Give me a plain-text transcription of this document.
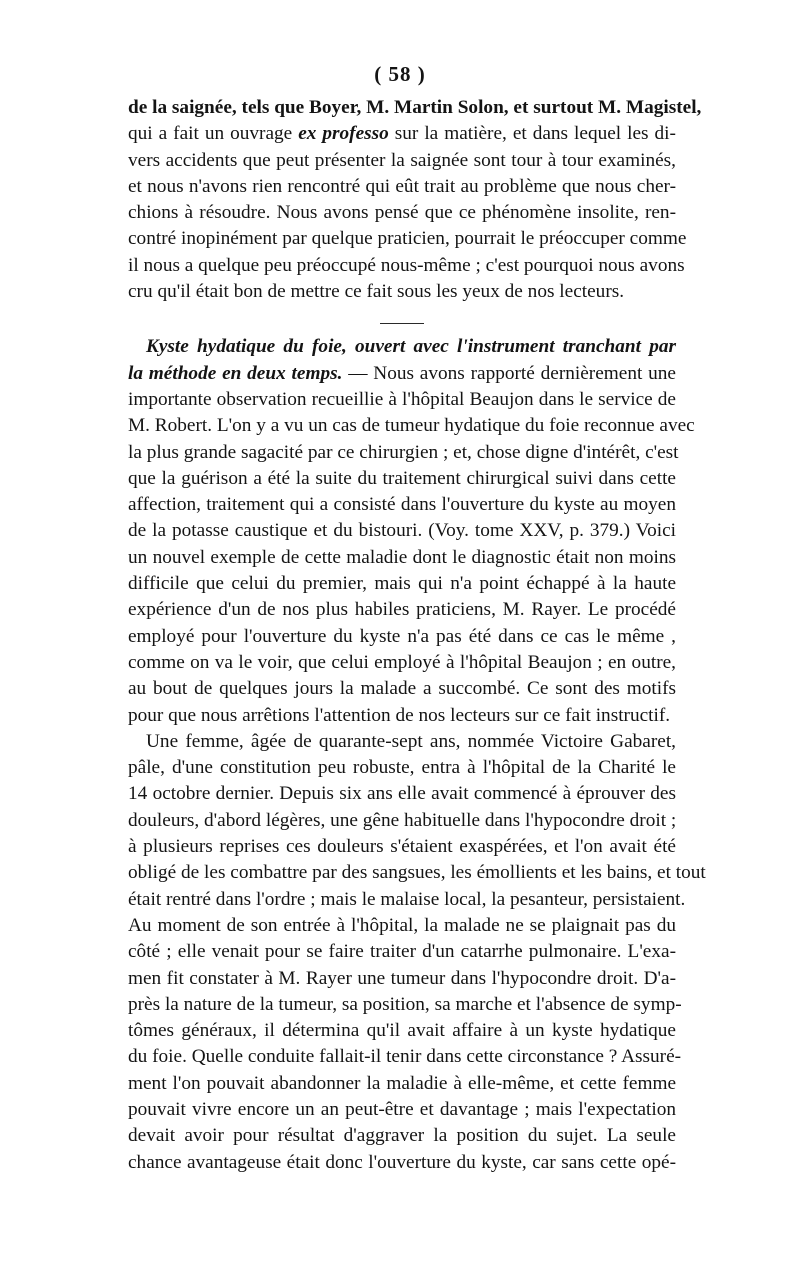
( 58 )
de la saignée, tels que Boyer, M. Martin Solon, et surtout M. Magistel,
qui a fait un ouvrage ex professo sur la matière, et dans lequel les di-
vers accidents que peut présenter la saignée sont tour à tour examinés,
et nous n'avons rien rencontré qui eût trait au problème que nous cher-
chions à résoudre. Nous avons pensé que ce phénomène insolite, ren-
contré inopinément par quelque praticien, pourrait le préoccuper comme
il nous a quelque peu préoccupé nous-même ; c'est pourquoi nous avons
cru qu'il était bon de mettre ce fait sous les yeux de nos lecteurs.
Kyste hydatique du foie, ouvert avec l'instrument tranchant par
la méthode en deux temps. — Nous avons rapporté dernièrement une
importante observation recueillie à l'hôpital Beaujon dans le service de
M. Robert. L'on y a vu un cas de tumeur hydatique du foie reconnue avec
la plus grande sagacité par ce chirurgien ; et, chose digne d'intérêt, c'est
que la guérison a été la suite du traitement chirurgical suivi dans cette
affection, traitement qui a consisté dans l'ouverture du kyste au moyen
de la potasse caustique et du bistouri. (Voy. tome XXV, p. 379.) Voici
un nouvel exemple de cette maladie dont le diagnostic était non moins
difficile que celui du premier, mais qui n'a point échappé à la haute
expérience d'un de nos plus habiles praticiens, M. Rayer. Le procédé
employé pour l'ouverture du kyste n'a pas été dans ce cas le même ,
comme on va le voir, que celui employé à l'hôpital Beaujon ; en outre,
au bout de quelques jours la malade a succombé. Ce sont des motifs
pour que nous arrêtions l'attention de nos lecteurs sur ce fait instructif.
Une femme, âgée de quarante-sept ans, nommée Victoire Gabaret,
pâle, d'une constitution peu robuste, entra à l'hôpital de la Charité le
14 octobre dernier. Depuis six ans elle avait commencé à éprouver des
douleurs, d'abord légères, une gêne habituelle dans l'hypocondre droit ;
à plusieurs reprises ces douleurs s'étaient exaspérées, et l'on avait été
obligé de les combattre par des sangsues, les émollients et les bains, et tout
était rentré dans l'ordre ; mais le malaise local, la pesanteur, persistaient.
Au moment de son entrée à l'hôpital, la malade ne se plaignait pas du
côté ; elle venait pour se faire traiter d'un catarrhe pulmonaire. L'exa-
men fit constater à M. Rayer une tumeur dans l'hypocondre droit. D'a-
près la nature de la tumeur, sa position, sa marche et l'absence de symp-
tômes généraux, il détermina qu'il avait affaire à un kyste hydatique
du foie. Quelle conduite fallait-il tenir dans cette circonstance ? Assuré-
ment l'on pouvait abandonner la maladie à elle-même, et cette femme
pouvait vivre encore un an peut-être et davantage ; mais l'expectation
devait avoir pour résultat d'aggraver la position du sujet. La seule
chance avantageuse était donc l'ouverture du kyste, car sans cette opé-
